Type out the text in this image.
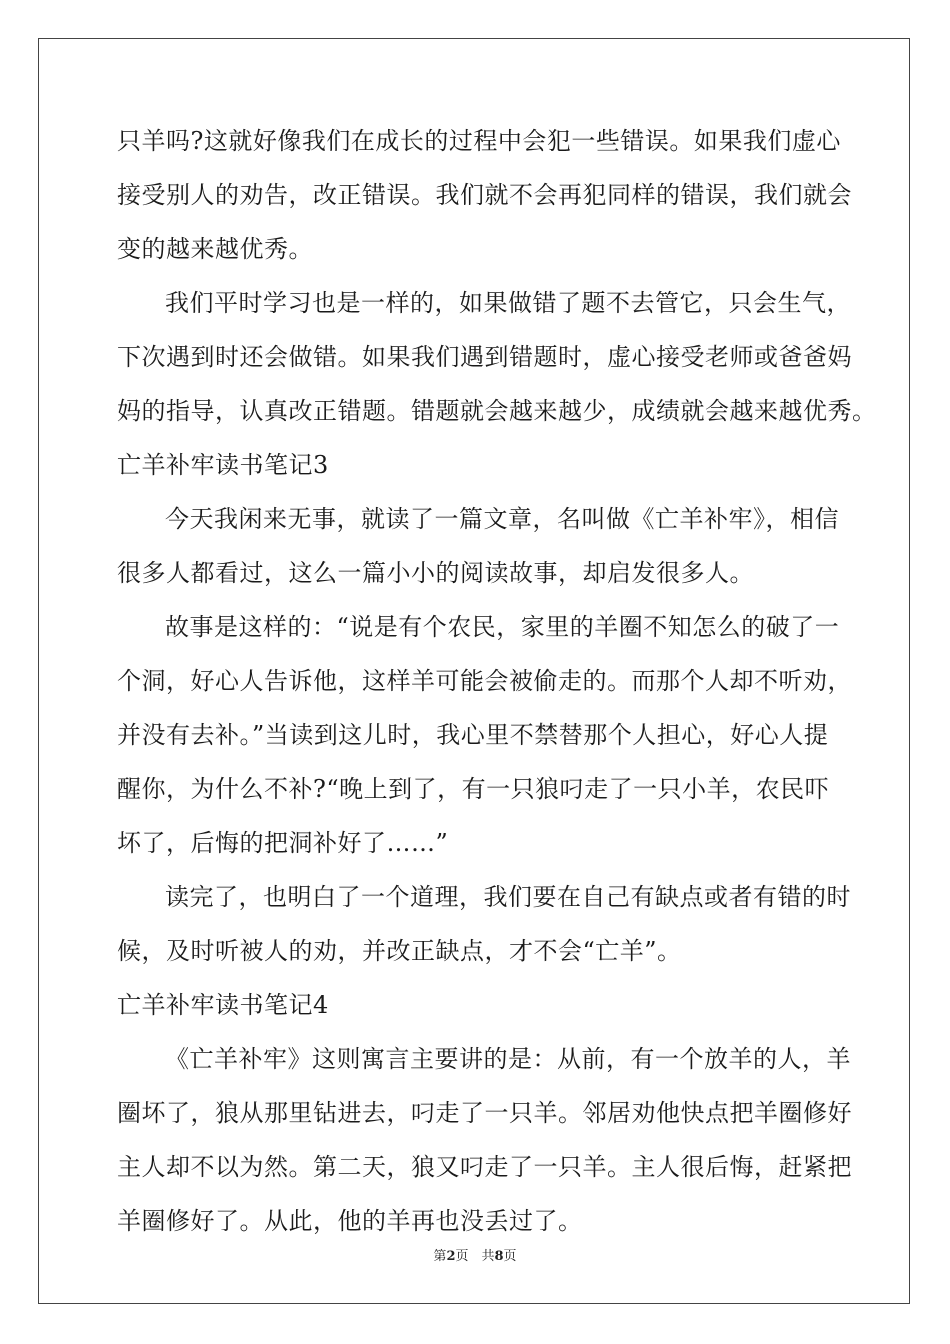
只羊吗?这就好像我们在成长的过程中会犯一些错误。如果我们虚心
接受别人的劝告，改正错误。我们就不会再犯同样的错误，我们就会
变的越来越优秀。
我们平时学习也是一样的，如果做错了题不去管它，只会生气，
下次遇到时还会做错。如果我们遇到错题时，虚心接受老师或爸爸妈
妈的指导，认真改正错题。错题就会越来越少，成绩就会越来越优秀。
亡羊补牢读书笔记3
今天我闲来无事，就读了一篇文章，名叫做《亡羊补牢》，相信
很多人都看过，这么一篇小小的阅读故事，却启发很多人。
故事是这样的：“说是有个农民，家里的羊圈不知怎么的破了一
个洞，好心人告诉他，这样羊可能会被偷走的。而那个人却不听劝，
并没有去补。”当读到这儿时，我心里不禁替那个人担心，好心人提
醒你，为什么不补?“晚上到了，有一只狼叼走了一只小羊，农民吓
坏了，后悔的把洞补好了……”
读完了，也明白了一个道理，我们要在自己有缺点或者有错的时
候，及时听被人的劝，并改正缺点，才不会“亡羊”。
亡羊补牢读书笔记4
《亡羊补牢》这则寓言主要讲的是：从前，有一个放羊的人，羊
圈坏了，狼从那里钻进去，叼走了一只羊。邻居劝他快点把羊圈修好
主人却不以为然。第二天，狼又叼走了一只羊。主人很后悔，赶紧把
羊圈修好了。从此，他的羊再也没丢过了。
第2页　共8页
